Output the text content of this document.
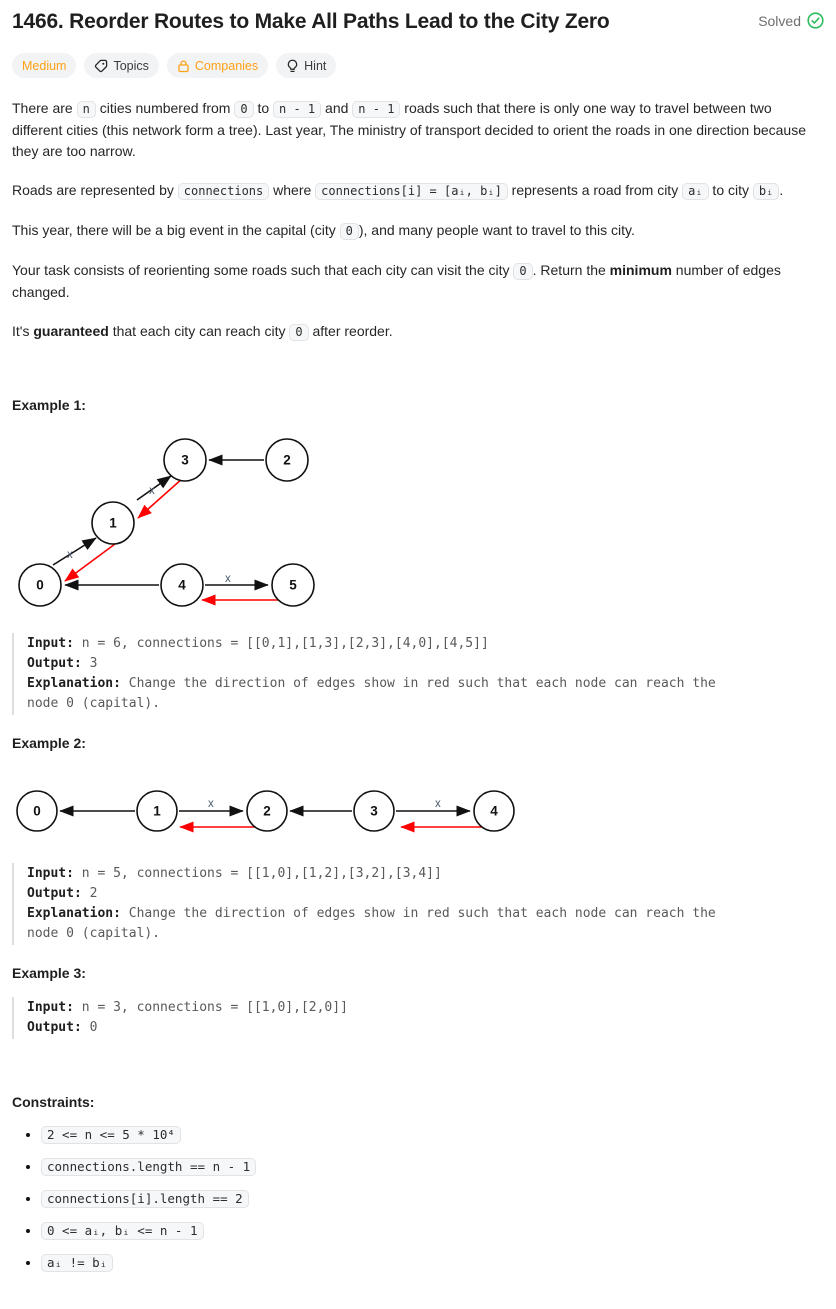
1466. Reorder Routes to Make All Paths Lead to the City Zero	Solved
Medium	Topics	Companies	Hint

There are n cities numbered from 0 to n - 1 and n - 1 roads such that there is only one way to travel between two different cities (this network form a tree). Last year, The ministry of transport decided to orient the roads in one direction because they are too narrow.

Roads are represented by connections where connections[i] = [aᵢ, bᵢ] represents a road from city aᵢ to city bᵢ .

This year, there will be a big event in the capital (city 0 ), and many people want to travel to this city.

Your task consists of reorienting some roads such that each city can visit the city 0 . Return the minimum number of edges changed.

It's guaranteed that each city can reach city 0 after reorder.

Example 1:
x
x
x
0
1
2
3
4	5
Input: n = 6, connections = [[0,1],[1,3],[2,3],[4,0],[4,5]]
Output: 3
Explanation: Change the direction of edges show in red such that each node can reach the node 0 (capital).
Example 2:
x	x
0	1	2	3	4
Input: n = 5, connections = [[1,0],[1,2],[3,2],[3,4]]
Output: 2
Explanation: Change the direction of edges show in red such that each node can reach the node 0 (capital).
Example 3:
Input: n = 3, connections = [[1,0],[2,0]]
Output: 0
Constraints:
• 2 <= n <= 5 * 10⁴
• connections.length == n - 1
• connections[i].length == 2
• 0 <= aᵢ, bᵢ <= n - 1
• aᵢ != bᵢ
